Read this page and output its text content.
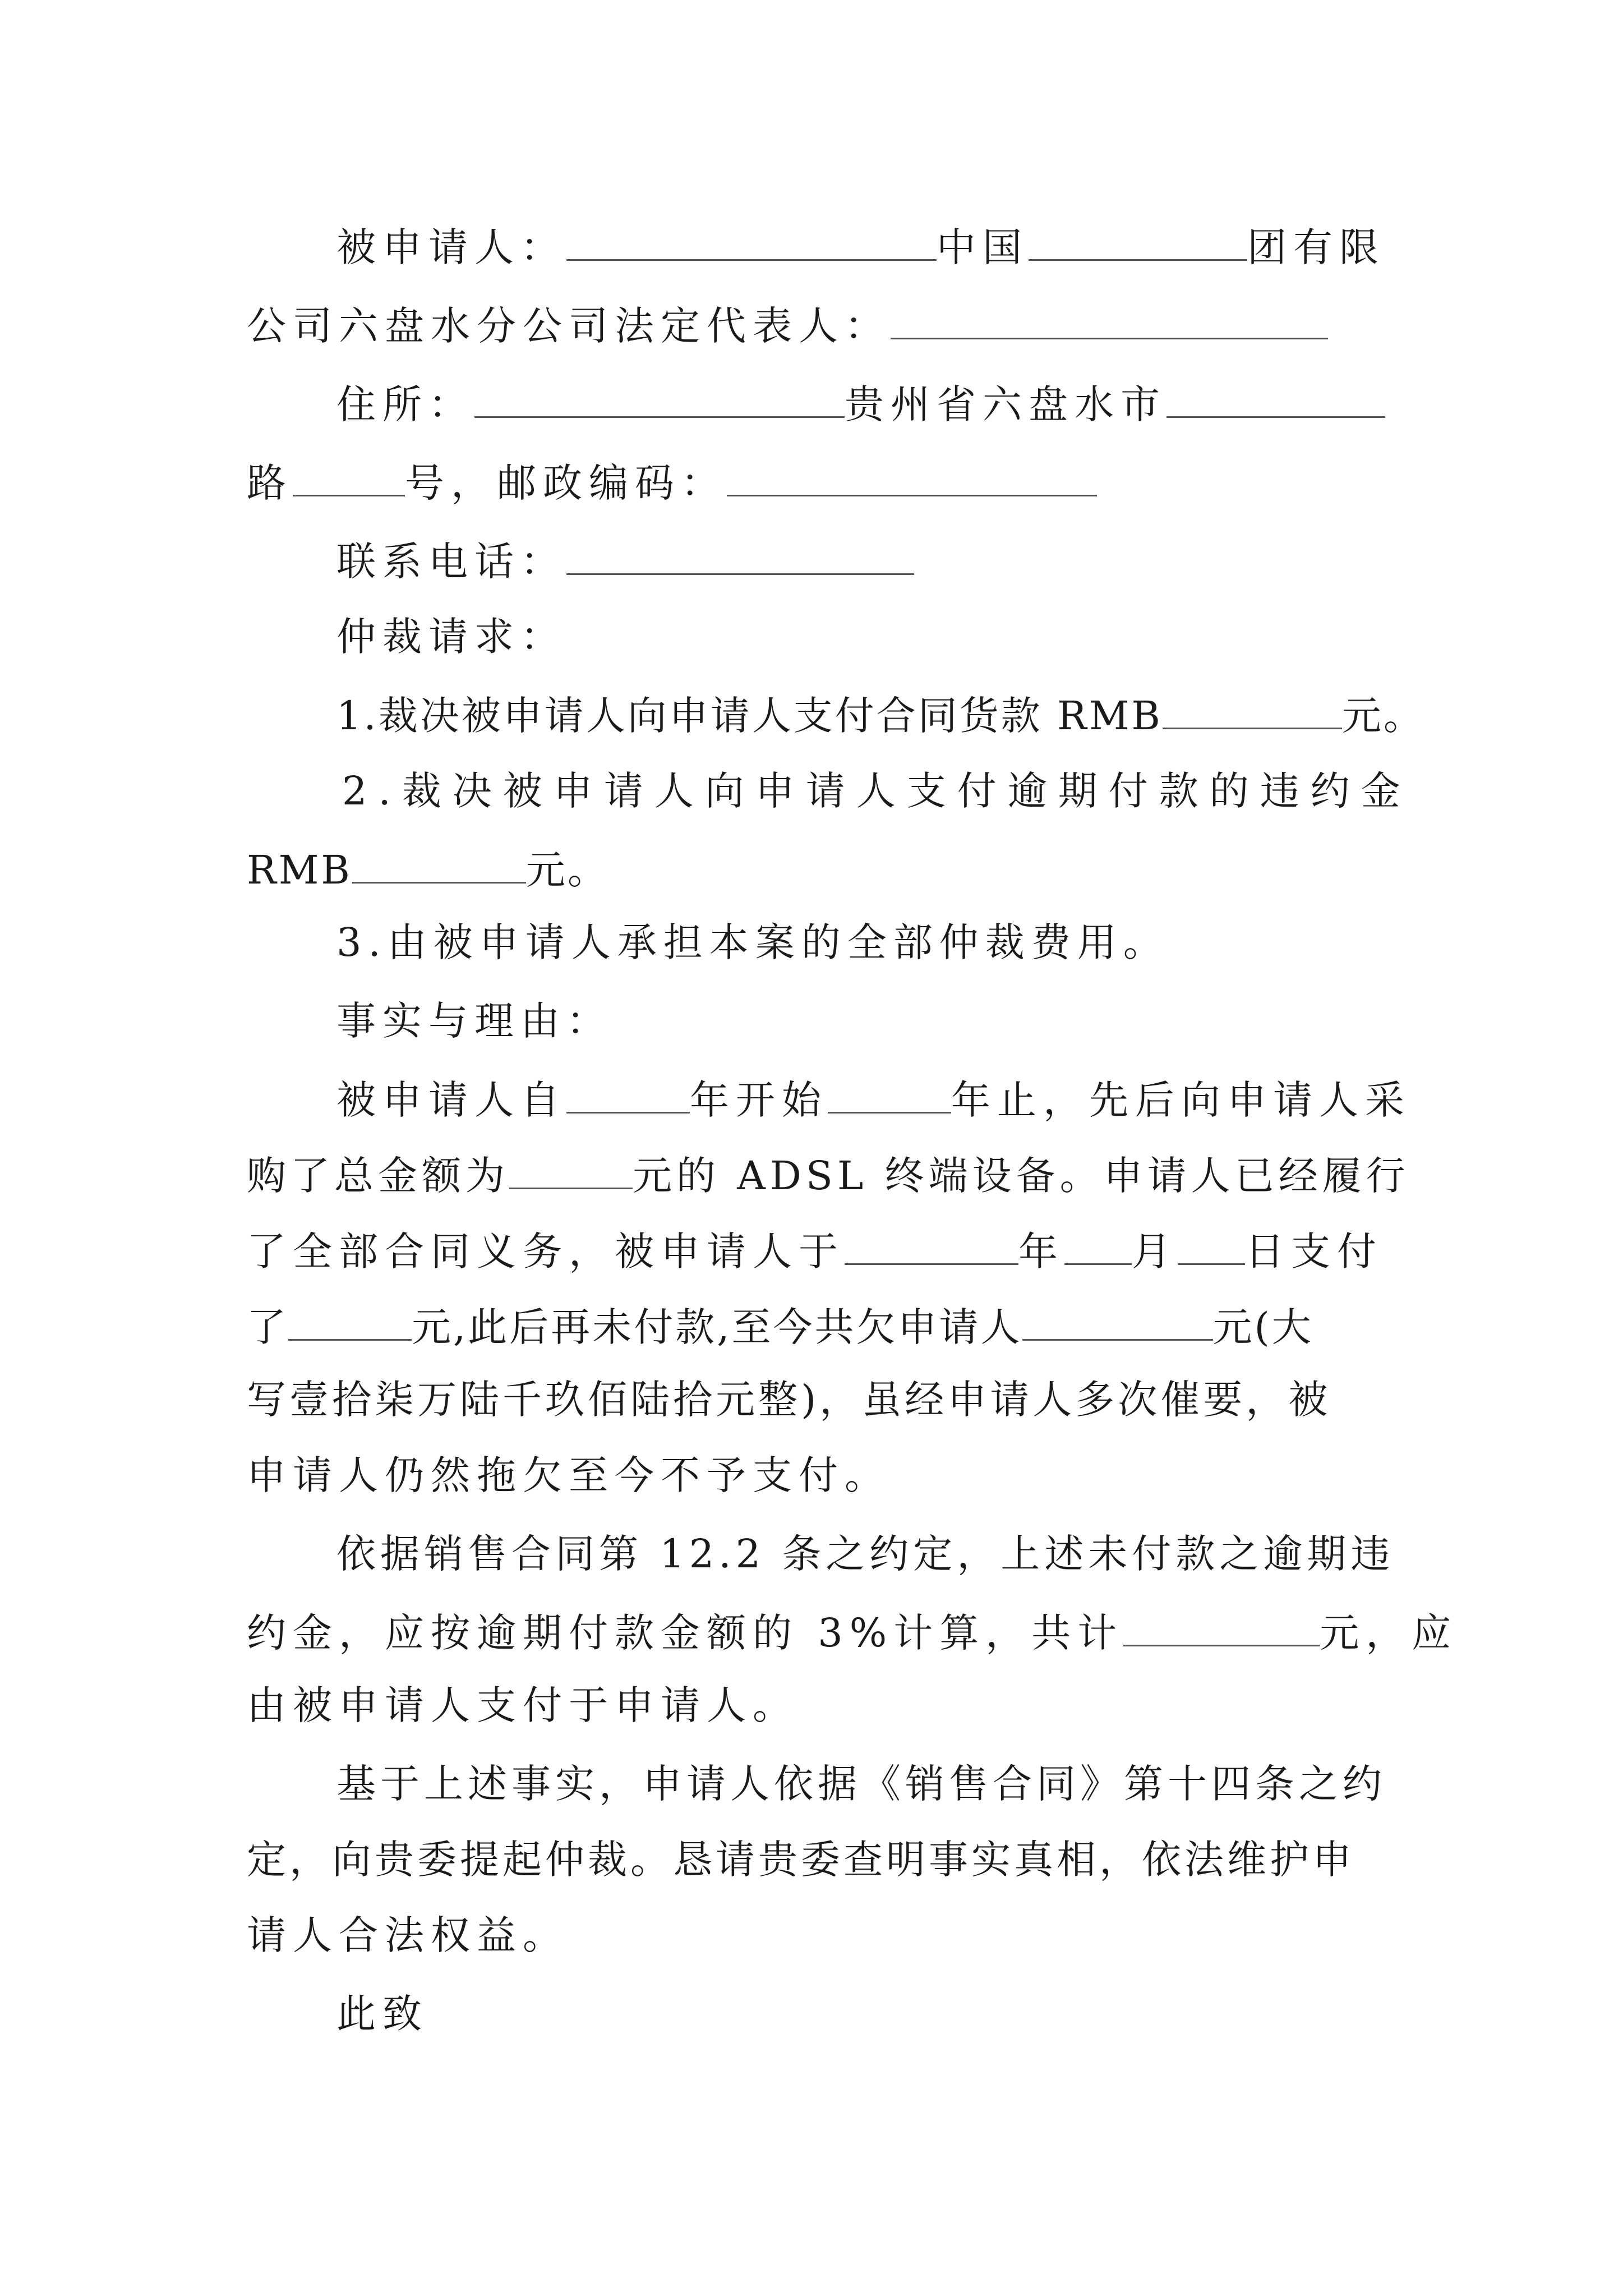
被申请人：	中国	团有限
公司六盘水分公司法定代表人：
住所：	贵州省六盘水市
路	号，邮政编码：
联系电话：
仲裁请求：
1.裁决被申请人向申请人支付合同货款 RMB	元。
2.裁决被申请人向申请人支付逾期付款的违约金
RMB	元。
3.由被申请人承担本案的全部仲裁费用。
事实与理由：
被申请人自	年开始	年止，先后向申请人采
购了总金额为	元的 ADSL 终端设备。申请人已经履行
了全部合同义务，被申请人于	年 月 日支付
了	元,此后再未付款,至今共欠申请人	元(大
写壹拾柒万陆千玖佰陆拾元整)，虽经申请人多次催要，被
申请人仍然拖欠至今不予支付。
依据销售合同第 12.2 条之约定，上述未付款之逾期违
约金，应按逾期付款金额的 3%计算，共计	元，应
由被申请人支付于申请人。
基于上述事实，申请人依据《销售合同》第十四条之约
定，向贵委提起仲裁。恳请贵委查明事实真相，依法维护申
请人合法权益。
此致
